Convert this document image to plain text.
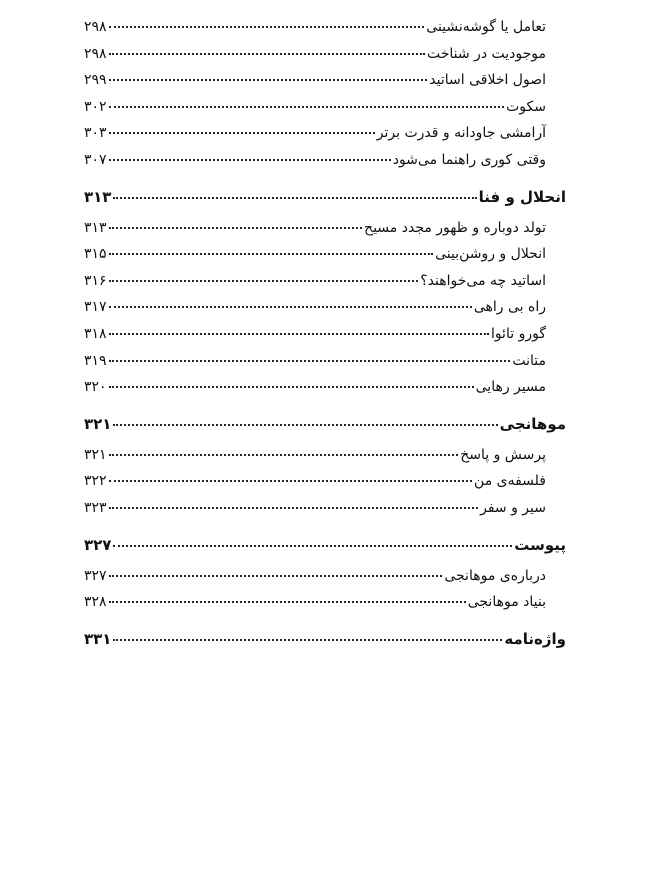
تعامل یا گوشه‌نشینی
۲۹۸
موجودیت در شناخت
۲۹۸
اصول اخلاقی اساتید
۲۹۹
سکوت
۳۰۲
آرامشی جاودانه و قدرت برتر
۳۰۳
وقتی کوری راهنما می‌شود
۳۰۷
انحلال و فنا
۳۱۳
تولد دوباره و ظهور مجدد مسیح
۳۱۳
انحلال و روشن‌بینی
۳۱۵
اساتید چه می‌خواهند؟
۳۱۶
راه بی راهی
۳۱۷
گورو تائوا
۳۱۸
متانت
۳۱۹
مسیر رهایی
۳۲۰
موهانجی
۳۲۱
پرسش و پاسخ
۳۲۱
فلسفه‌ی من
۳۲۲
سیر و سفر
۳۲۳
پیوست
۳۲۷
درباره‌ی موهانجی
۳۲۷
بنیاد موهانجی
۳۲۸
واژه‌نامه
۳۳۱
